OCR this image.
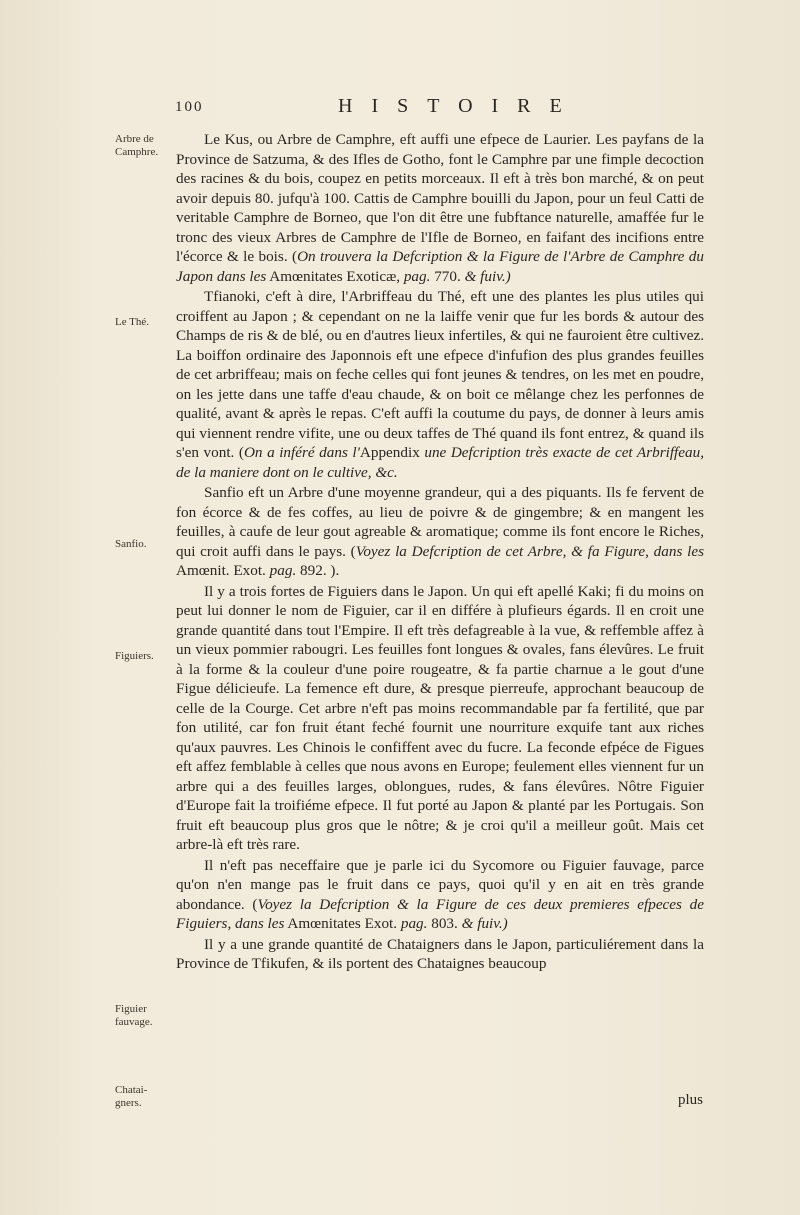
100	HISTOIRE
Arbre de
Camphre.
Le Thé.
Sanfio.
Figuiers.
Figuier
fauvage.
Chatai-
gners.

Le Kus, ou Arbre de Camphre, eft auffi une efpece de Laurier. Les payfans de la Province de Satzuma, & des Ifles de Gotho, font le Camphre par une fimple decoction des racines & du bois, coupez en petits morceaux. Il eft à très bon marché, & on peut avoir depuis 80. jufqu'à 100. Cattis de Camphre bouilli du Japon, pour un feul Catti de veritable Camphre de Borneo, que l'on dit être une fubftance naturelle, amaffée fur le tronc des vieux Arbres de Camphre de l'Ifle de Borneo, en faifant des incifions entre l'écorce & le bois. (On trouvera la Defcription & la Figure de l'Arbre de Camphre du Japon dans les Amœnitates Exoticæ, pag. 770. & fuiv.)

Tfianoki, c'eft à dire, l'Arbriffeau du Thé, eft une des plantes les plus utiles qui croiffent au Japon ; & cependant on ne la laiffe venir que fur les bords & autour des Champs de ris & de blé, ou en d'autres lieux infertiles, & qui ne fauroient être cultivez. La boiffon ordinaire des Japonnois eft une efpece d'infufion des plus grandes feuilles de cet arbriffeau; mais on feche celles qui font jeunes & tendres, on les met en poudre, on les jette dans une taffe d'eau chaude, & on boit ce mêlange chez les perfonnes de qualité, avant & après le repas. C'eft auffi la coutume du pays, de donner à leurs amis qui viennent rendre vifite, une ou deux taffes de Thé quand ils font entrez, & quand ils s'en vont. (On a inféré dans l'Appendix une Defcription très exacte de cet Arbriffeau, de la maniere dont on le cultive, &c.

Sanfio eft un Arbre d'une moyenne grandeur, qui a des piquants. Ils fe fervent de fon écorce & de fes coffes, au lieu de poivre & de gingembre; & en mangent les feuilles, à caufe de leur gout agreable & aromatique; comme ils font encore le Riches, qui croit auffi dans le pays. (Voyez la Defcription de cet Arbre, & fa Figure, dans les Amœnit. Exot. pag. 892. ).

Il y a trois fortes de Figuiers dans le Japon. Un qui eft apellé Kaki; fi du moins on peut lui donner le nom de Figuier, car il en différe à plufieurs égards. Il en croit une grande quantité dans tout l'Empire. Il eft très defagreable à la vue, & reffemble affez à un vieux pommier rabougri. Les feuilles font longues & ovales, fans élevûres. Le fruit à la forme & la couleur d'une poire rougeatre, & fa partie charnue a le gout d'une Figue délicieufe. La femence eft dure, & presque pierreufe, approchant beaucoup de celle de la Courge. Cet arbre n'eft pas moins recommandable par fa fertilité, que par fon utilité, car fon fruit étant feché fournit une nourriture exquife tant aux riches qu'aux pauvres. Les Chinois le confiffent avec du fucre. La feconde efpéce de Figues eft affez femblable à celles que nous avons en Europe; feulement elles viennent fur un arbre qui a des feuilles larges, oblongues, rudes, & fans élevûres. Nôtre Figuier d'Europe fait la troifiéme efpece. Il fut porté au Japon & planté par les Portugais. Son fruit eft beaucoup plus gros que le nôtre; & je croi qu'il a meilleur goût. Mais cet arbre-là eft très rare.

Il n'eft pas neceffaire que je parle ici du Sycomore ou Figuier fauvage, parce qu'on n'en mange pas le fruit dans ce pays, quoi qu'il y en ait en très grande abondance. (Voyez la Defcription & la Figure de ces deux premieres efpeces de Figuiers, dans les Amœnitates Exot. pag. 803. & fuiv.)

Il y a une grande quantité de Chataigners dans le Japon, particuliérement dans la Province de Tfikufen, & ils portent des Chataignes beaucoup

plus
